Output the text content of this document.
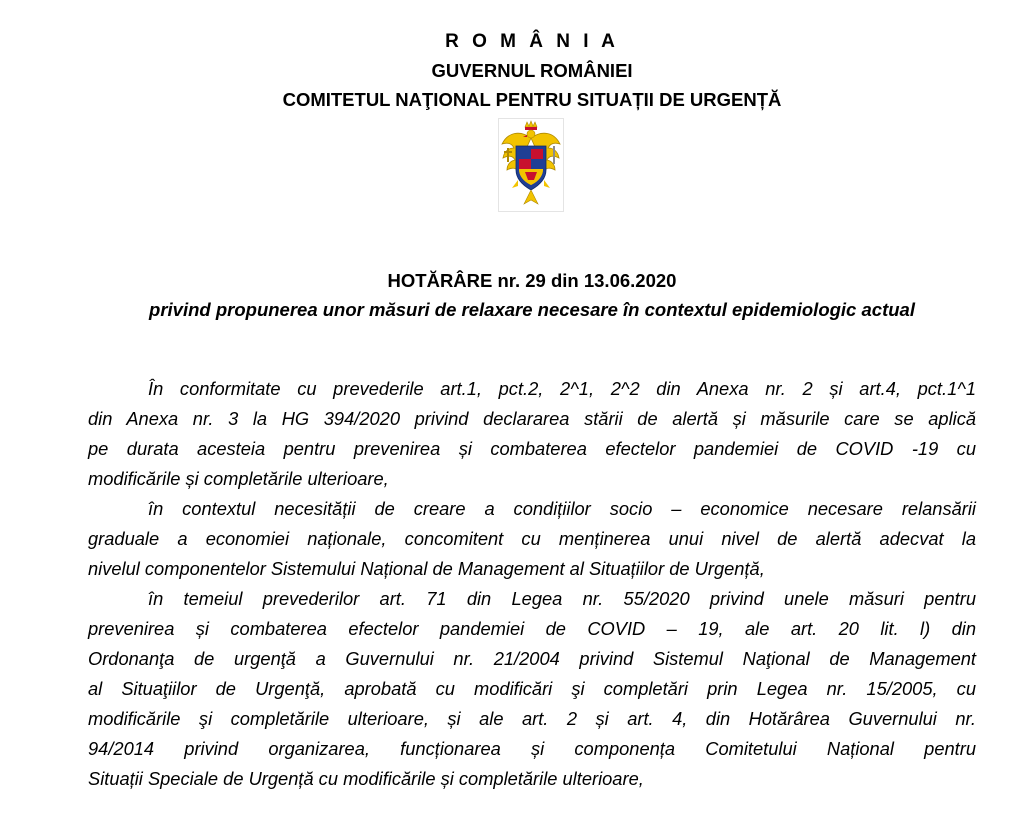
R O M Â N I A
GUVERNUL ROMÂNIEI
COMITETUL NAŢIONAL PENTRU SITUAȚII DE URGENȚĂ
HOTĂRÂRE nr. 29 din 13.06.2020
privind propunerea unor măsuri de relaxare necesare în contextul epidemiologic actual
În conformitate cu prevederile art.1, pct.2, 2^1, 2^2 din Anexa nr. 2 și art.4, pct.1^1
din Anexa nr. 3 la HG 394/2020 privind declararea stării de alertă și măsurile care se aplică
pe durata acesteia pentru prevenirea și combaterea efectelor pandemiei de COVID -19 cu
modificările și completările ulterioare,
în contextul necesității de creare a condițiilor socio – economice necesare relansării
graduale a economiei naționale, concomitent cu menținerea unui nivel de alertă adecvat la
nivelul componentelor Sistemului Național de Management al Situațiilor de Urgență,
în temeiul prevederilor art. 71 din Legea nr. 55/2020 privind unele măsuri pentru
prevenirea și combaterea efectelor pandemiei de COVID – 19, ale art. 20 lit. l) din
Ordonanţa de urgenţă a Guvernului nr. 21/2004 privind Sistemul Naţional de Management
al Situaţiilor de Urgenţă, aprobată cu modificări şi completări prin Legea nr. 15/2005, cu
modificările şi completările ulterioare, și ale art. 2 și art. 4, din Hotărârea Guvernului nr.
94/2014 privind organizarea, funcționarea și componența Comitetului Național pentru
Situații Speciale de Urgență cu modificările și completările ulterioare,
